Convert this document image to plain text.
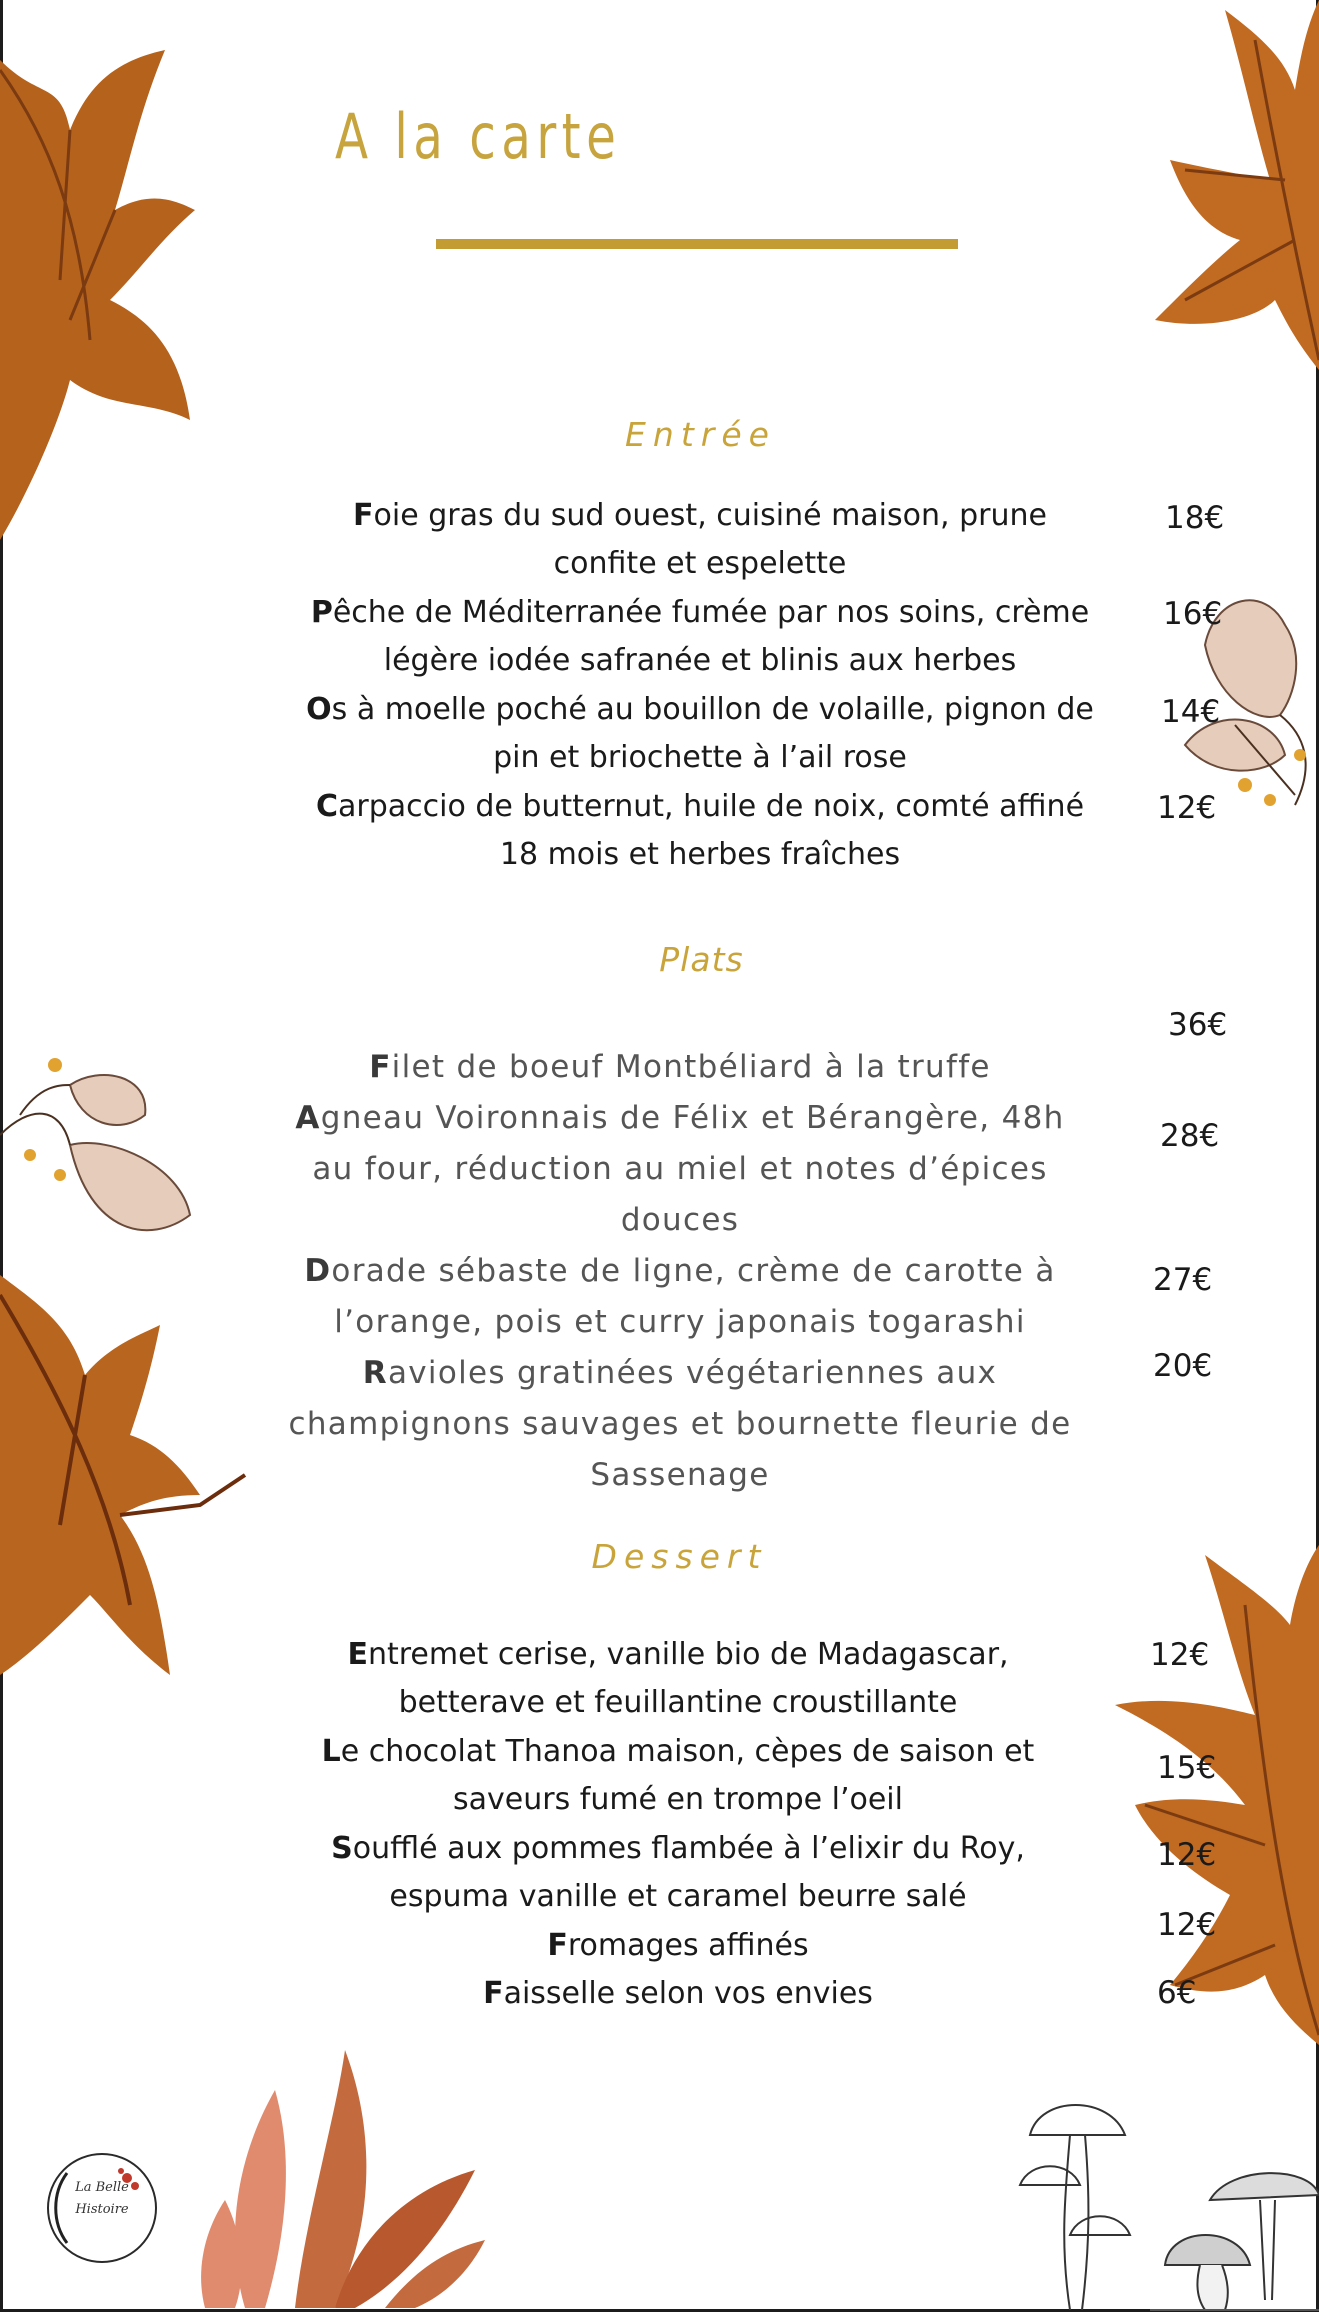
La Belle Histoire
A la carte
Entrée
Foie gras du sud ouest, cuisiné maison, prune confite et espelette
18€
Pêche de Méditerranée fumée par nos soins, crème légère iodée safranée et blinis aux herbes
16€
Os à moelle poché au bouillon de volaille, pignon de pin et briochette à l’ail rose
14€
Carpaccio de butternut, huile de noix, comté affiné 18 mois et herbes fraîches
12€
Plats
36€
Filet de boeuf Montbéliard à la truffe
Agneau Voironnais de Félix et Bérangère, 48h au four, réduction au miel et notes d’épices douces
28€
Dorade sébaste de ligne, crème de carotte à l’orange, pois et curry japonais togarashi
27€
Ravioles gratinées végétariennes aux champignons sauvages et bournette fleurie de Sassenage
20€
Dessert
Entremet cerise, vanille bio de Madagascar, betterave et feuillantine croustillante
12€
Le chocolat Thanoa maison, cèpes de saison et saveurs fumé en trompe l’oeil
15€
Soufflé aux pommes flambée à l’elixir du Roy, espuma vanille et caramel beurre salé
12€
Fromages affinés
12€
Faisselle selon vos envies	6€
